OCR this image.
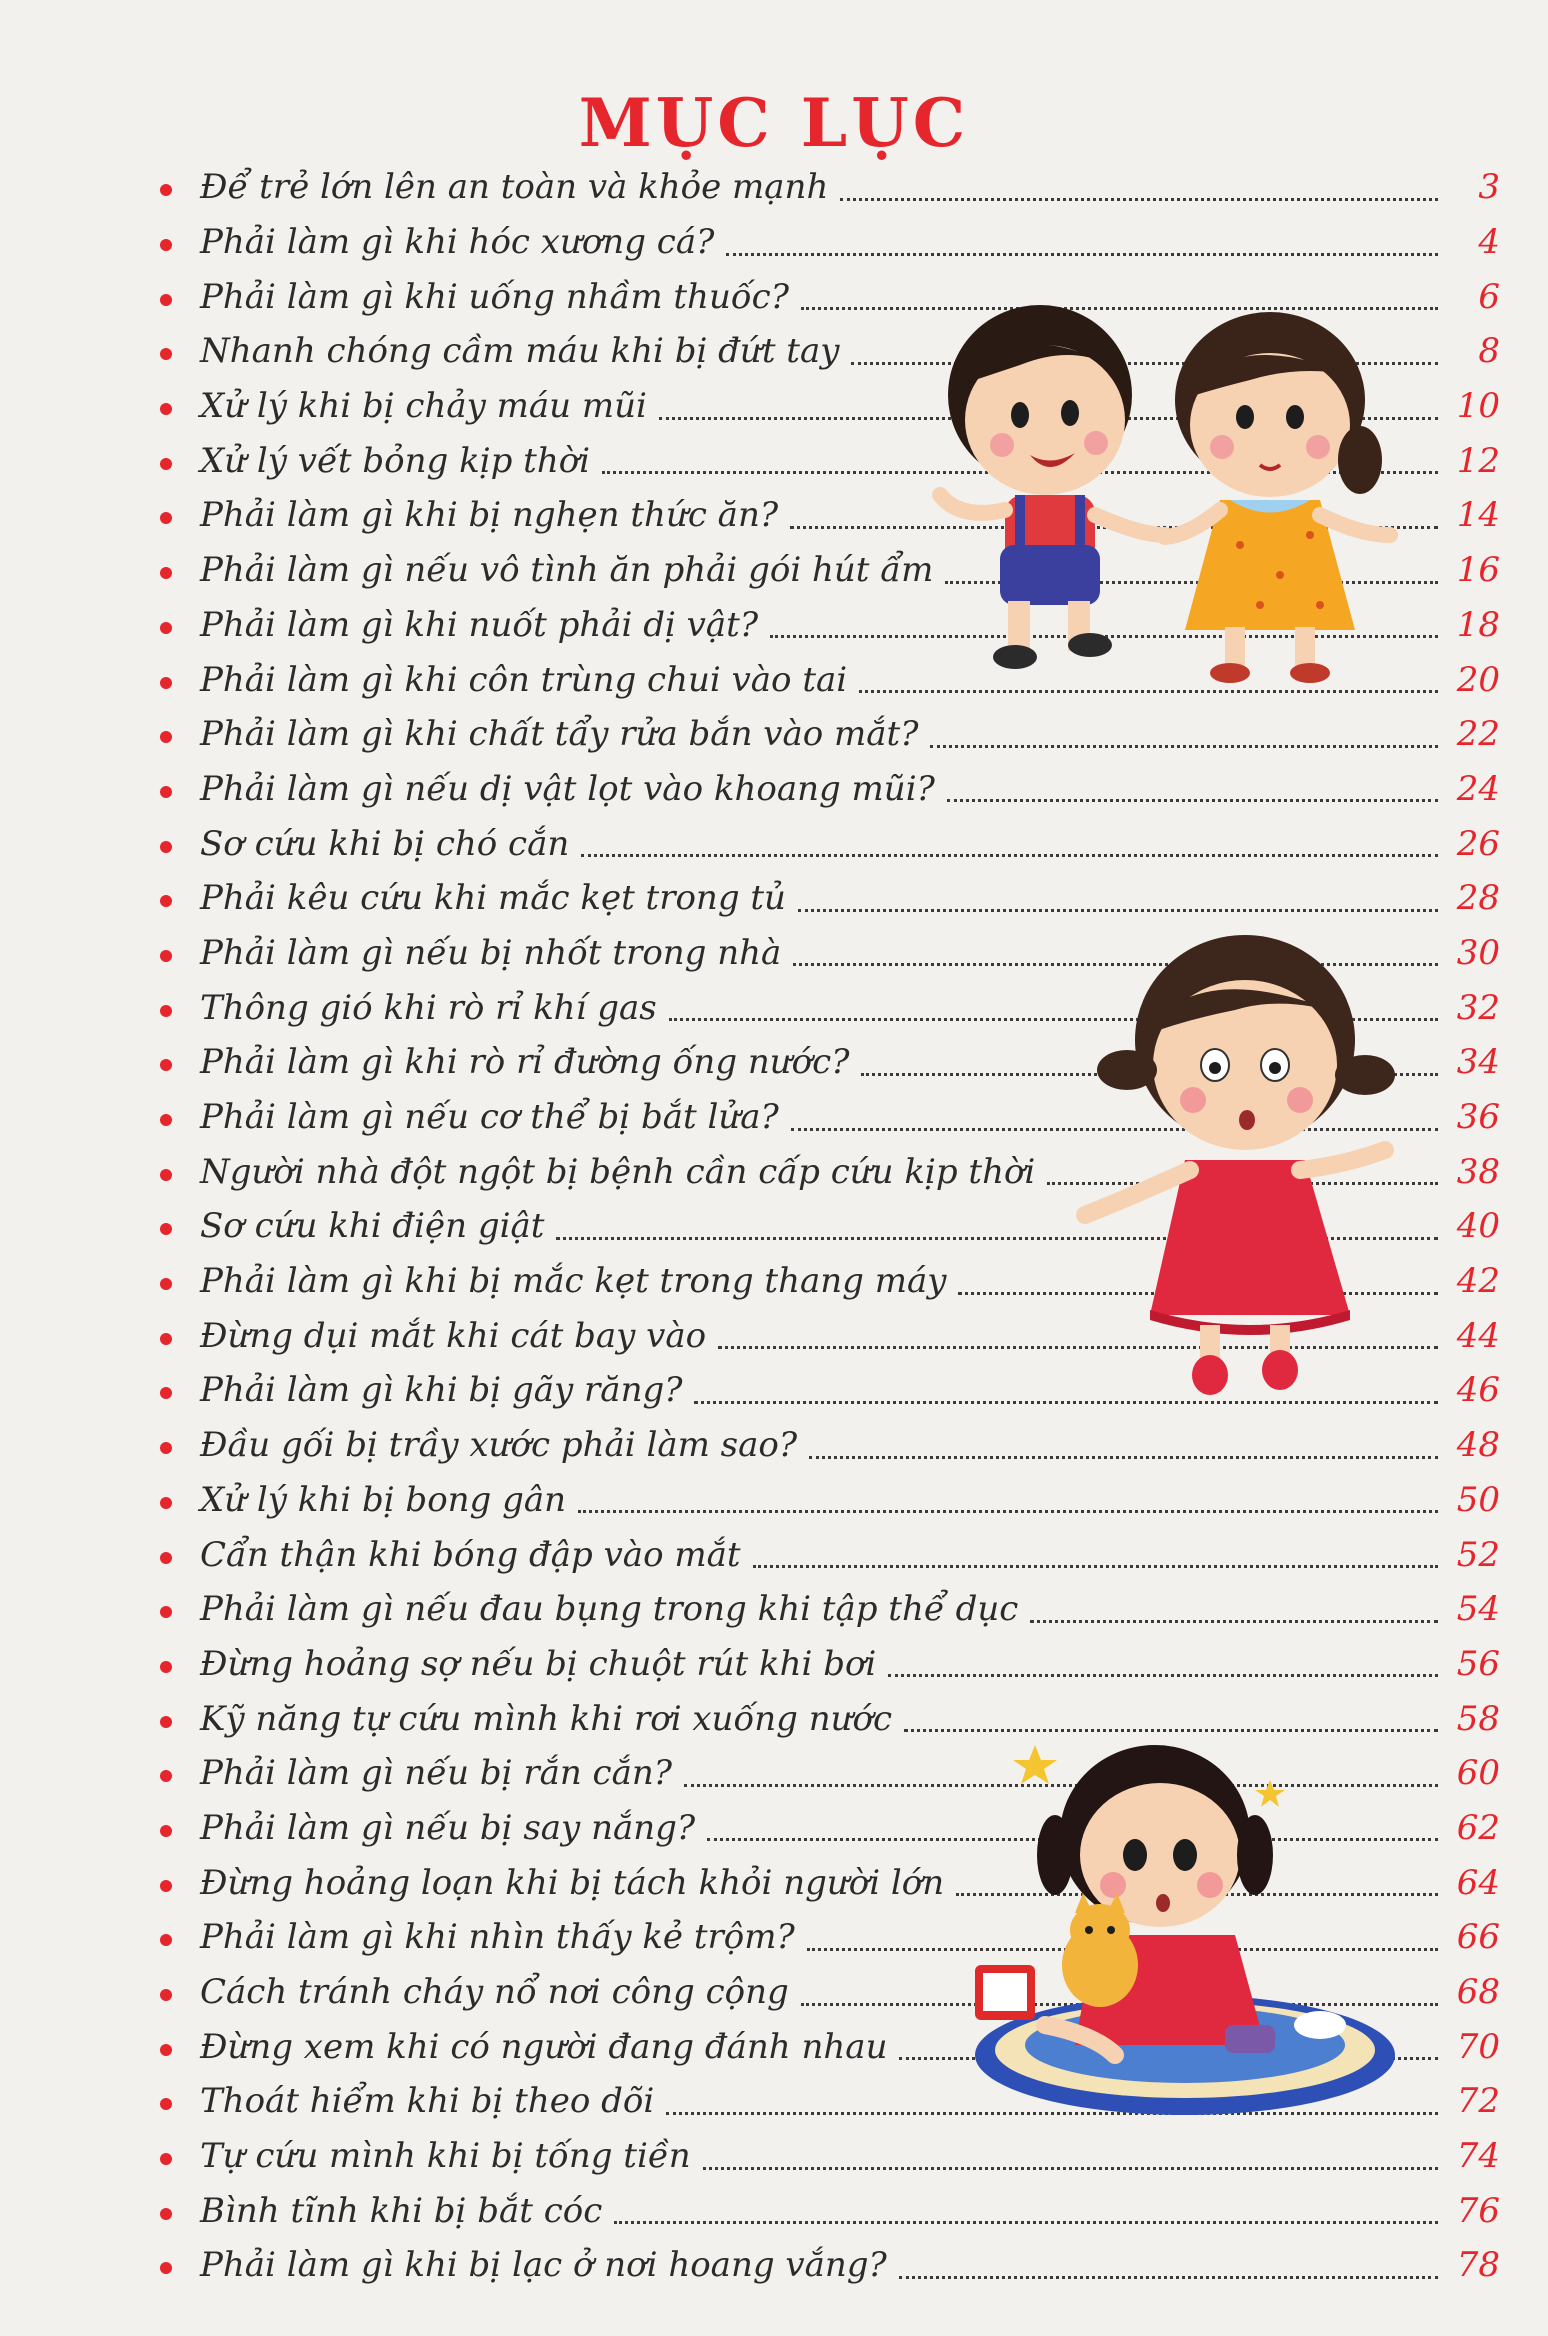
MỤC LỤC
Để trẻ lớn lên an toàn và khỏe mạnh	3
Phải làm gì khi hóc xương cá?	4
Phải làm gì khi uống nhầm thuốc?	6
Nhanh chóng cầm máu khi bị đứt tay	8
Xử lý khi bị chảy máu mũi	10
Xử lý vết bỏng kịp thời	12
Phải làm gì khi bị nghẹn thức ăn?	14
Phải làm gì nếu vô tình ăn phải gói hút ẩm	16
Phải làm gì khi nuốt phải dị vật?	18
Phải làm gì khi côn trùng chui vào tai	20
Phải làm gì khi chất tẩy rửa bắn vào mắt?	22
Phải làm gì nếu dị vật lọt vào khoang mũi?	24
Sơ cứu khi bị chó cắn	26
Phải kêu cứu khi mắc kẹt trong tủ	28
Phải làm gì nếu bị nhốt trong nhà	30
Thông gió khi rò rỉ khí gas	32
Phải làm gì khi rò rỉ đường ống nước?	34
Phải làm gì nếu cơ thể bị bắt lửa?	36
Người nhà đột ngột bị bệnh cần cấp cứu kịp thời	38
Sơ cứu khi điện giật	40
Phải làm gì khi bị mắc kẹt trong thang máy	42
Đừng dụi mắt khi cát bay vào	44
Phải làm gì khi bị gãy răng?	46
Đầu gối bị trầy xước phải làm sao?	48
Xử lý khi bị bong gân	50
Cẩn thận khi bóng đập vào mắt	52
Phải làm gì nếu đau bụng trong khi tập thể dục	54
Đừng hoảng sợ nếu bị chuột rút khi bơi	56
Kỹ năng tự cứu mình khi rơi xuống nước	58
Phải làm gì nếu bị rắn cắn?	60
Phải làm gì nếu bị say nắng?	62
Đừng hoảng loạn khi bị tách khỏi người lớn	64
Phải làm gì khi nhìn thấy kẻ trộm?	66
Cách tránh cháy nổ nơi công cộng	68
Đừng xem khi có người đang đánh nhau	70
Thoát hiểm khi bị theo dõi	72
Tự cứu mình khi bị tống tiền	74
Bình tĩnh khi bị bắt cóc	76
Phải làm gì khi bị lạc ở nơi hoang vắng?	78
